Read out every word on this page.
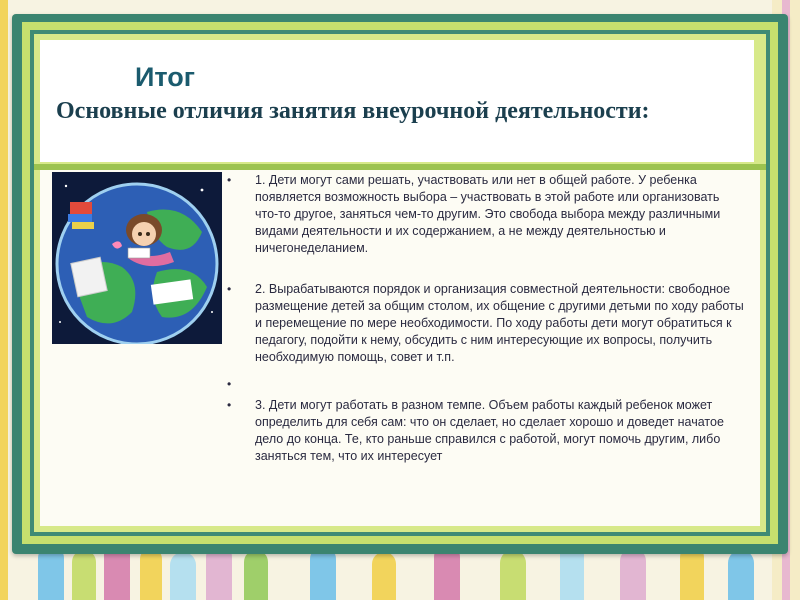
Итог
Основные отличия занятия внеурочной деятельности:
• 1. Дети могут сами решать, участвовать или нет в общей работе. У ребенка появляется возможность выбора – участвовать в этой работе или организовать что-то другое, заняться чем-то другим. Это свобода выбора между различными видами деятельности и их содержанием, а не между деятельностью и ничегонеделанием.
• 2. Вырабатываются порядок и организация совместной деятельности: свободное размещение детей за общим столом, их общение с другими детьми по ходу работы и перемещение по мере необходимости. По ходу работы дети могут обратиться к педагогу, подойти к нему, обсудить с ним интересующие их вопросы, получить необходимую помощь, совет и т.п.
•

• 3. Дети могут работать в разном темпе. Объем работы каждый ребенок может определить для себя сам: что он сделает, но сделает хорошо и доведет начатое дело до конца. Те, кто раньше справился с работой, могут помочь другим, либо заняться тем, что их интересует
